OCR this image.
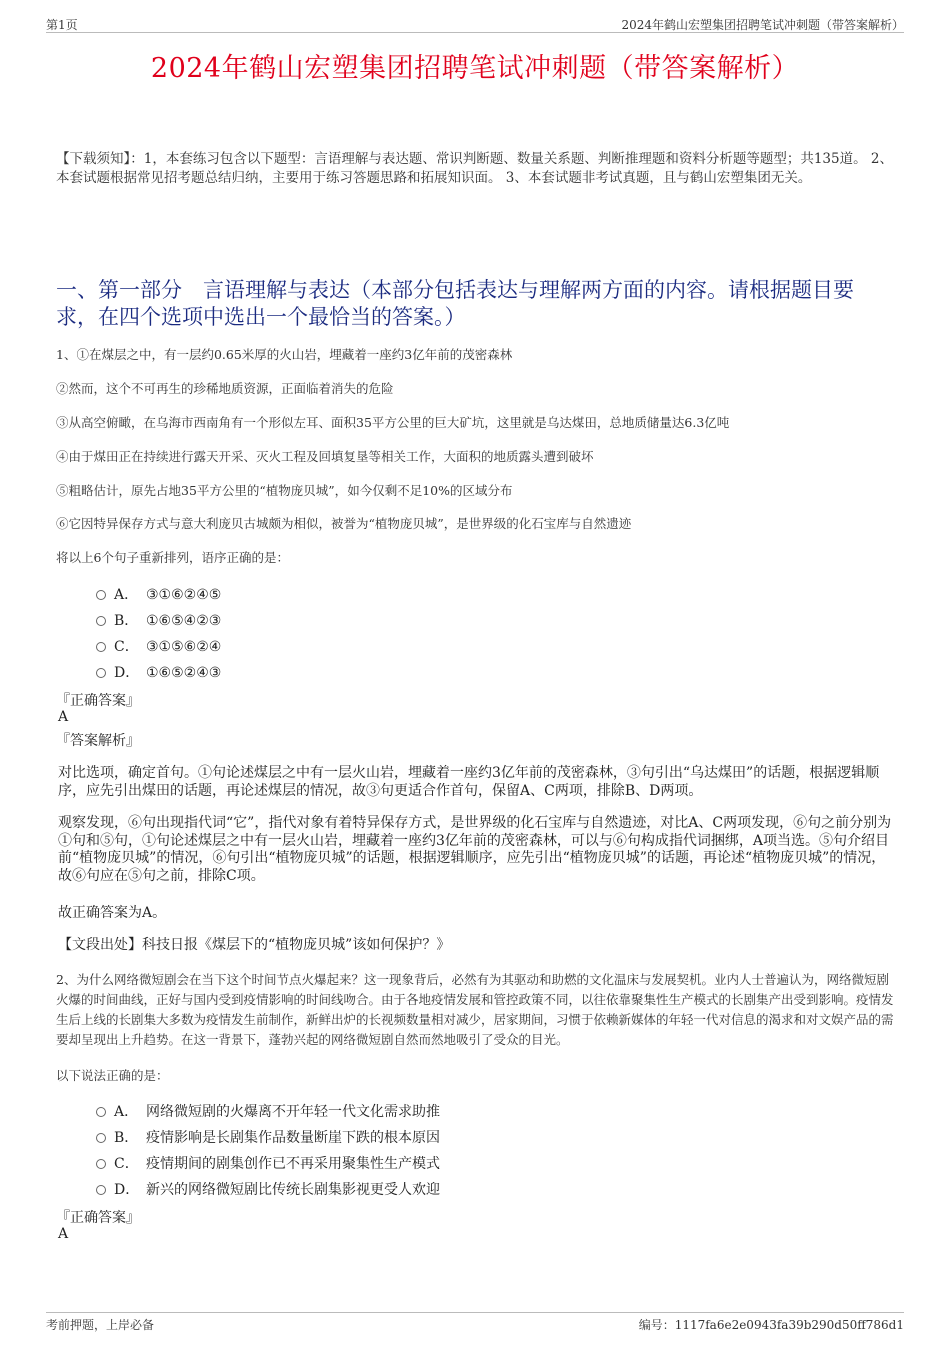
第1页	2024年鹤山宏塑集团招聘笔试冲刺题（带答案解析）
2024年鹤山宏塑集团招聘笔试冲刺题（带答案解析）
【下载须知】：1，本套练习包含以下题型：言语理解与表达题、常识判断题、数量关系题、判断推理题和资料分析题等题型；共135道。 2、本套试题根据常见招考题总结归纳，主要用于练习答题思路和拓展知识面。 3、本套试题非考试真题，且与鹤山宏塑集团无关。
一、第一部分　言语理解与表达（本部分包括表达与理解两方面的内容。请根据题目要求，在四个选项中选出一个最恰当的答案。）
1、①在煤层之中，有一层约0.65米厚的火山岩，埋藏着一座约3亿年前的茂密森林
②然而，这个不可再生的珍稀地质资源，正面临着消失的危险
③从高空俯瞰，在乌海市西南角有一个形似左耳、面积35平方公里的巨大矿坑，这里就是乌达煤田，总地质储量达6.3亿吨
④由于煤田正在持续进行露天开采、灭火工程及回填复垦等相关工作，大面积的地质露头遭到破坏
⑤粗略估计，原先占地35平方公里的“植物庞贝城”，如今仅剩不足10%的区域分布
⑥它因特异保存方式与意大利庞贝古城颇为相似，被誉为“植物庞贝城”，是世界级的化石宝库与自然遗迹
将以上6个句子重新排列，语序正确的是：
A． ③①⑥②④⑤
B． ①⑥⑤④②③
C． ③①⑤⑥②④
D． ①⑥⑤②④③
『正确答案』
A
『答案解析』
对比选项，确定首句。①句论述煤层之中有一层火山岩，埋藏着一座约3亿年前的茂密森林，③句引出“乌达煤田”的话题，根据逻辑顺序，应先引出煤田的话题，再论述煤层的情况，故③句更适合作首句，保留A、C两项，排除B、D两项。
观察发现，⑥句出现指代词“它”，指代对象有着特异保存方式，是世界级的化石宝库与自然遗迹，对比A、C两项发现，⑥句之前分别为①句和⑤句，①句论述煤层之中有一层火山岩，埋藏着一座约3亿年前的茂密森林，可以与⑥句构成指代词捆绑，A项当选。⑤句介绍目前“植物庞贝城”的情况，⑥句引出“植物庞贝城”的话题，根据逻辑顺序，应先引出“植物庞贝城”的话题，再论述“植物庞贝城”的情况，故⑥句应在⑤句之前，排除C项。
故正确答案为A。
【文段出处】科技日报《煤层下的“植物庞贝城”该如何保护？》
2、为什么网络微短剧会在当下这个时间节点火爆起来？这一现象背后，必然有为其驱动和助燃的文化温床与发展契机。业内人士普遍认为，网络微短剧火爆的时间曲线，正好与国内受到疫情影响的时间线吻合。由于各地疫情发展和管控政策不同，以往依靠聚集性生产模式的长剧集产出受到影响。疫情发生后上线的长剧集大多数为疫情发生前制作，新鲜出炉的长视频数量相对减少，居家期间，习惯于依赖新媒体的年轻一代对信息的渴求和对文娱产品的需要却呈现出上升趋势。在这一背景下，蓬勃兴起的网络微短剧自然而然地吸引了受众的目光。
以下说法正确的是：
A． 网络微短剧的火爆离不开年轻一代文化需求助推
B． 疫情影响是长剧集作品数量断崖下跌的根本原因
C． 疫情期间的剧集创作已不再采用聚集性生产模式
D． 新兴的网络微短剧比传统长剧集影视更受人欢迎
『正确答案』
A
考前押题，上岸必备	编号：1117fa6e2e0943fa39b290d50ff786d1
